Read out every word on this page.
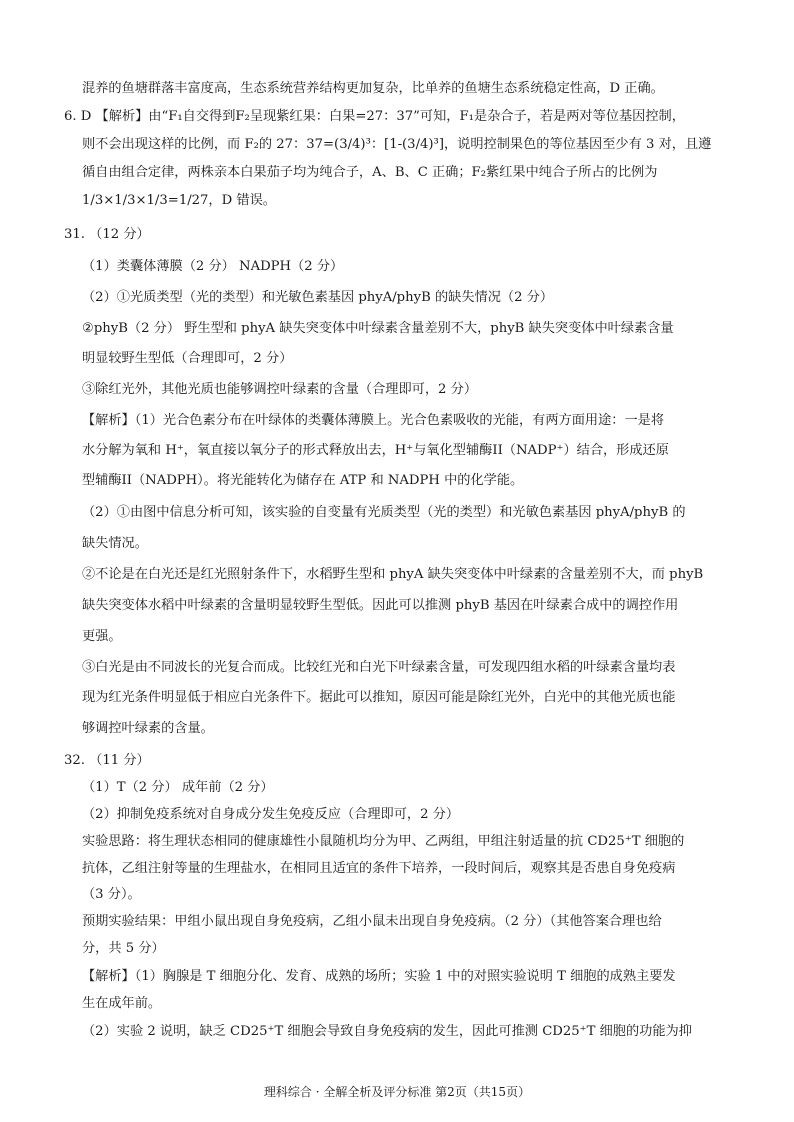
混养的鱼塘群落丰富度高，生态系统营养结构更加复杂，比单养的鱼塘生态系统稳定性高，D 正确。
6. D 【解析】由“F₁自交得到F₂呈现紫红果：白果=27：37”可知，F₁是杂合子，若是两对等位基因控制，
则不会出现这样的比例，而 F₂的 27：37=(3/4)³：[1-(3/4)³]，说明控制果色的等位基因至少有 3 对，且遵
循自由组合定律，两株亲本白果茄子均为纯合子，A、B、C 正确；F₂紫红果中纯合子所占的比例为
1/3×1/3×1/3=1/27，D 错误。
31. （12 分）
（1）类囊体薄膜（2 分） NADPH（2 分）
（2）①光质类型（光的类型）和光敏色素基因 phyA/phyB 的缺失情况（2 分）
②phyB（2 分） 野生型和 phyA 缺失突变体中叶绿素含量差别不大，phyB 缺失突变体中叶绿素含量
明显较野生型低（合理即可，2 分）
③除红光外，其他光质也能够调控叶绿素的含量（合理即可，2 分）
【解析】（1）光合色素分布在叶绿体的类囊体薄膜上。光合色素吸收的光能，有两方面用途：一是将
水分解为氧和 H⁺，氧直接以氧分子的形式释放出去，H⁺与氧化型辅酶II（NADP⁺）结合，形成还原
型辅酶II（NADPH）。将光能转化为储存在 ATP 和 NADPH 中的化学能。
（2）①由图中信息分析可知，该实验的自变量有光质类型（光的类型）和光敏色素基因 phyA/phyB 的
缺失情况。
②不论是在白光还是红光照射条件下，水稻野生型和 phyA 缺失突变体中叶绿素的含量差别不大，而 phyB
缺失突变体水稻中叶绿素的含量明显较野生型低。因此可以推测 phyB 基因在叶绿素合成中的调控作用
更强。
③白光是由不同波长的光复合而成。比较红光和白光下叶绿素含量，可发现四组水稻的叶绿素含量均表
现为红光条件明显低于相应白光条件下。据此可以推知，原因可能是除红光外，白光中的其他光质也能
够调控叶绿素的含量。
32. （11 分）
（1）T（2 分） 成年前（2 分）
（2）抑制免疫系统对自身成分发生免疫反应（合理即可，2 分）
实验思路：将生理状态相同的健康雄性小鼠随机均分为甲、乙两组，甲组注射适量的抗 CD25⁺T 细胞的
抗体，乙组注射等量的生理盐水，在相同且适宜的条件下培养，一段时间后，观察其是否患自身免疫病
（3 分）。
预期实验结果：甲组小鼠出现自身免疫病，乙组小鼠未出现自身免疫病。（2 分）（其他答案合理也给
分，共 5 分）
【解析】（1）胸腺是 T 细胞分化、发育、成熟的场所；实验 1 中的对照实验说明 T 细胞的成熟主要发
生在成年前。
（2）实验 2 说明，缺乏 CD25⁺T 细胞会导致自身免疫病的发生，因此可推测 CD25⁺T 细胞的功能为抑
理科综合 · 全解全析及评分标准 第2页（共15页）
